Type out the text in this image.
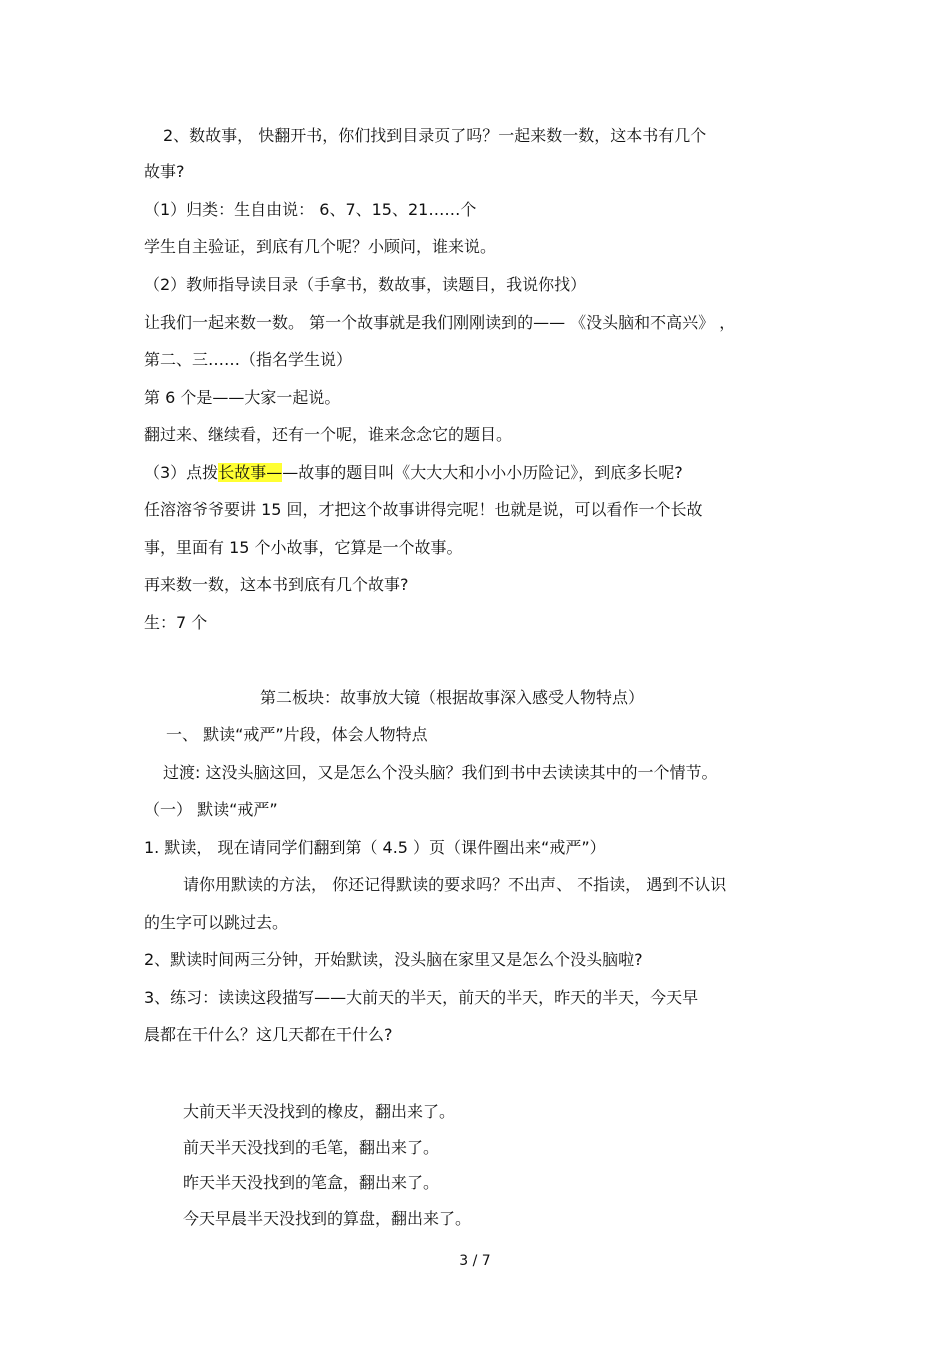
2、数故事， 快翻开书，你们找到目录页了吗？一起来数一数，这本书有几个
故事?
（1）归类：生自由说： 6、7、15、21……个
学生自主验证，到底有几个呢？小顾问，谁来说。
（2）教师指导读目录（手拿书，数故事，读题目，我说你找）
让我们一起来数一数。 第一个故事就是我们刚刚读到的—— 《没头脑和不高兴》 ，
第二、三……（指名学生说）
第 6 个是——大家一起说。
翻过来、继续看，还有一个呢，谁来念念它的题目。
（3）点拨长故事——故事的题目叫《大大大和小小小历险记》，到底多长呢?
任溶溶爷爷要讲 15 回，才把这个故事讲得完呢！也就是说，可以看作一个长故
事，里面有 15 个小故事，它算是一个故事。
再来数一数，这本书到底有几个故事?
生：7 个
第二板块：故事放大镜（根据故事深入感受人物特点）
一、 默读“戒严”片段，体会人物特点
过渡: 这没头脑这回，又是怎么个没头脑？我们到书中去读读其中的一个情节。
（一） 默读“戒严”
1. 默读， 现在请同学们翻到第（ 4.5 ）页（课件圈出来“戒严”）
请你用默读的方法， 你还记得默读的要求吗？不出声、 不指读， 遇到不认识
的生字可以跳过去。
2、默读时间两三分钟，开始默读，没头脑在家里又是怎么个没头脑啦?
3、练习：读读这段描写——大前天的半天，前天的半天，昨天的半天，今天早
晨都在干什么？这几天都在干什么?
大前天半天没找到的橡皮，翻出来了。
前天半天没找到的毛笔，翻出来了。
昨天半天没找到的笔盒，翻出来了。
今天早晨半天没找到的算盘，翻出来了。
3 / 7
